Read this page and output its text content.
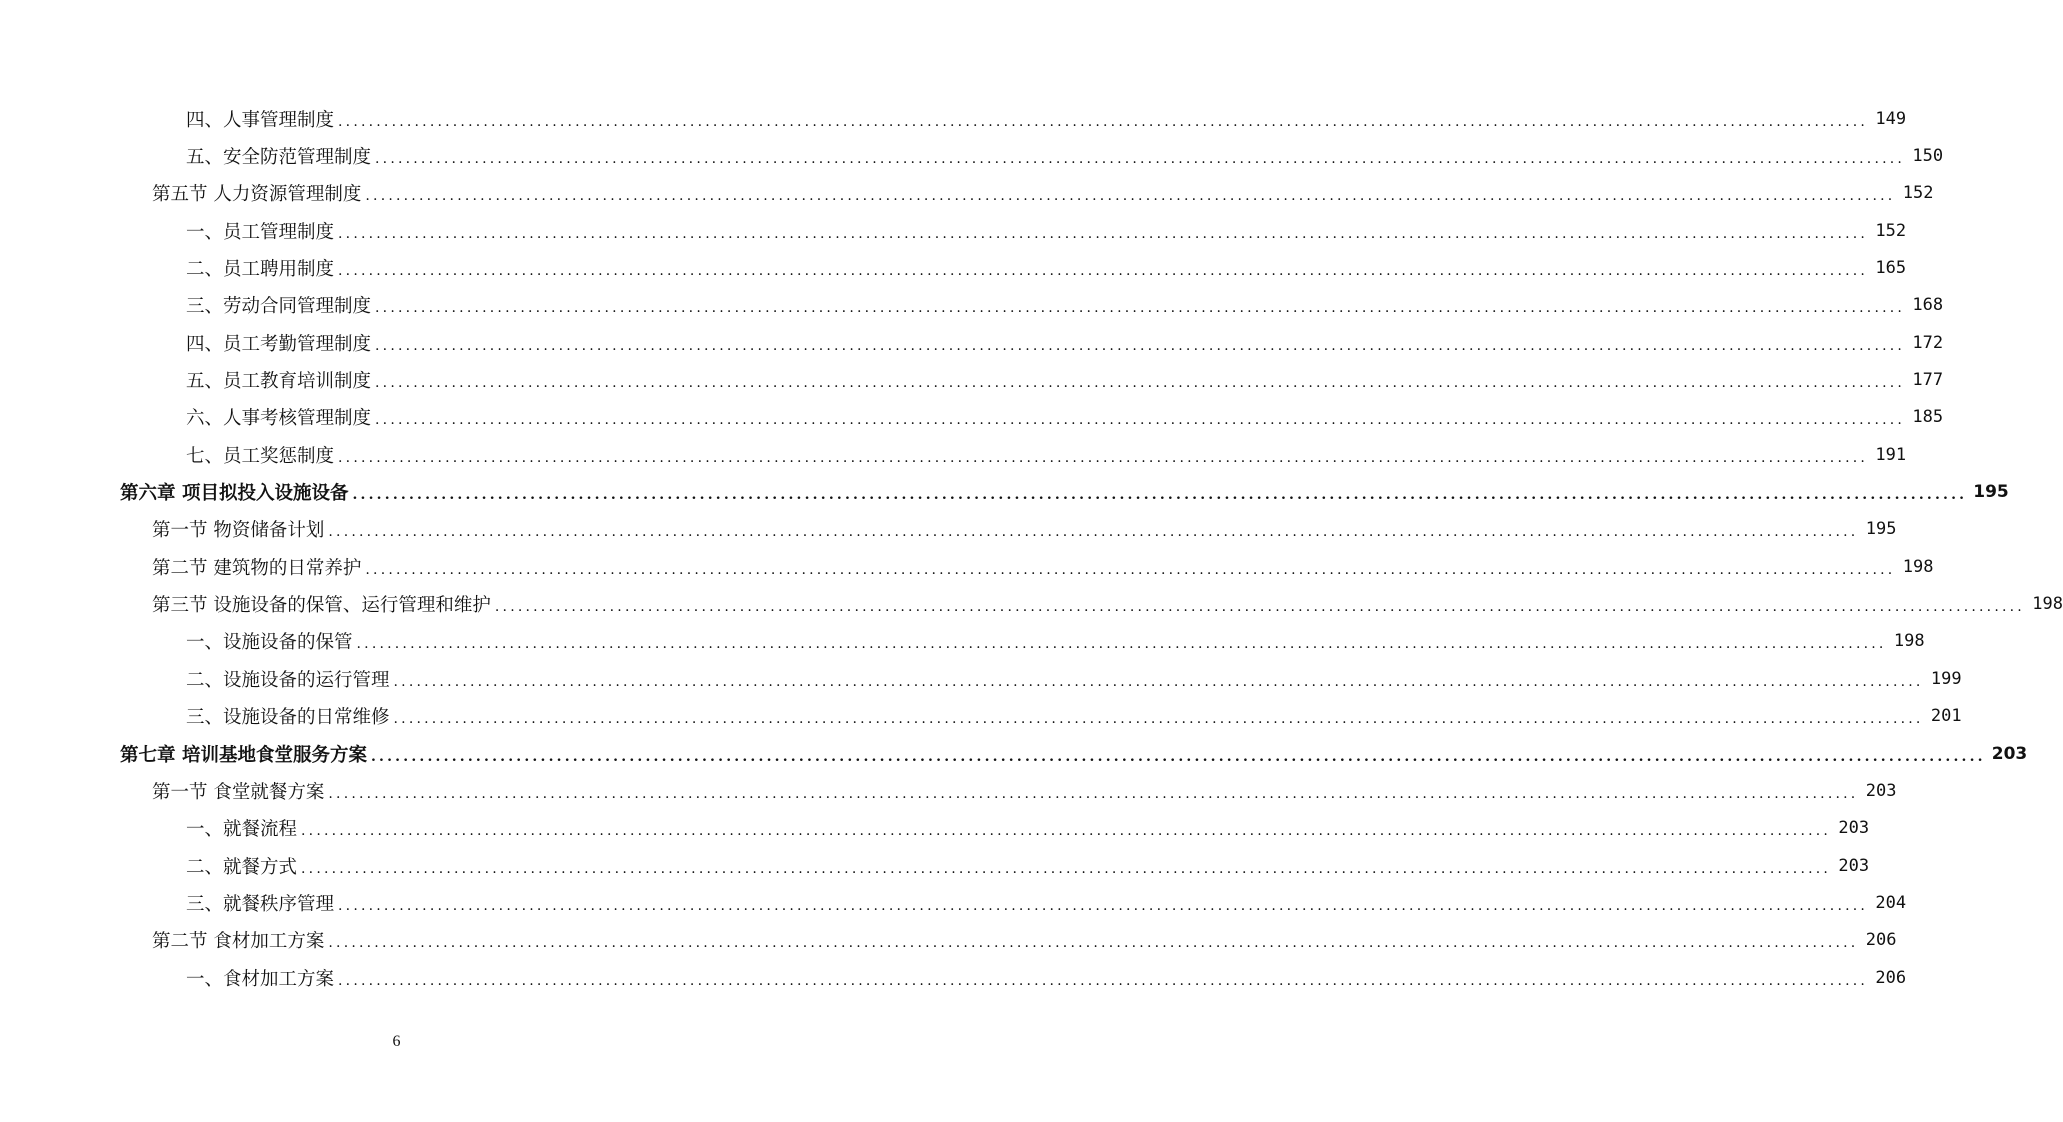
四、人事管理制度 ........................................................................................................................................................................................................ 149
五、安全防范管理制度 ........................................................................................................................................................................................................ 150
第五节 人力资源管理制度 ........................................................................................................................................................................................................ 152
一、员工管理制度 ........................................................................................................................................................................................................ 152
二、员工聘用制度 ........................................................................................................................................................................................................ 165
三、劳动合同管理制度 ........................................................................................................................................................................................................ 168
四、员工考勤管理制度 ........................................................................................................................................................................................................ 172
五、员工教育培训制度 ........................................................................................................................................................................................................ 177
六、人事考核管理制度 ........................................................................................................................................................................................................ 185
七、员工奖惩制度 ........................................................................................................................................................................................................ 191
第六章 项目拟投入设施设备 ........................................................................................................................................................................................................ 195
第一节 物资储备计划 ........................................................................................................................................................................................................ 195
第二节 建筑物的日常养护 ........................................................................................................................................................................................................ 198
第三节 设施设备的保管、运行管理和维护 ........................................................................................................................................................................................................ 198
一、设施设备的保管 ........................................................................................................................................................................................................ 198
二、设施设备的运行管理 ........................................................................................................................................................................................................ 199
三、设施设备的日常维修 ........................................................................................................................................................................................................ 201
第七章 培训基地食堂服务方案 ........................................................................................................................................................................................................ 203
第一节 食堂就餐方案 ........................................................................................................................................................................................................ 203
一、就餐流程 ........................................................................................................................................................................................................ 203
二、就餐方式 ........................................................................................................................................................................................................ 203
三、就餐秩序管理 ........................................................................................................................................................................................................ 204
第二节 食材加工方案 ........................................................................................................................................................................................................ 206
一、食材加工方案 ........................................................................................................................................................................................................ 206
6
